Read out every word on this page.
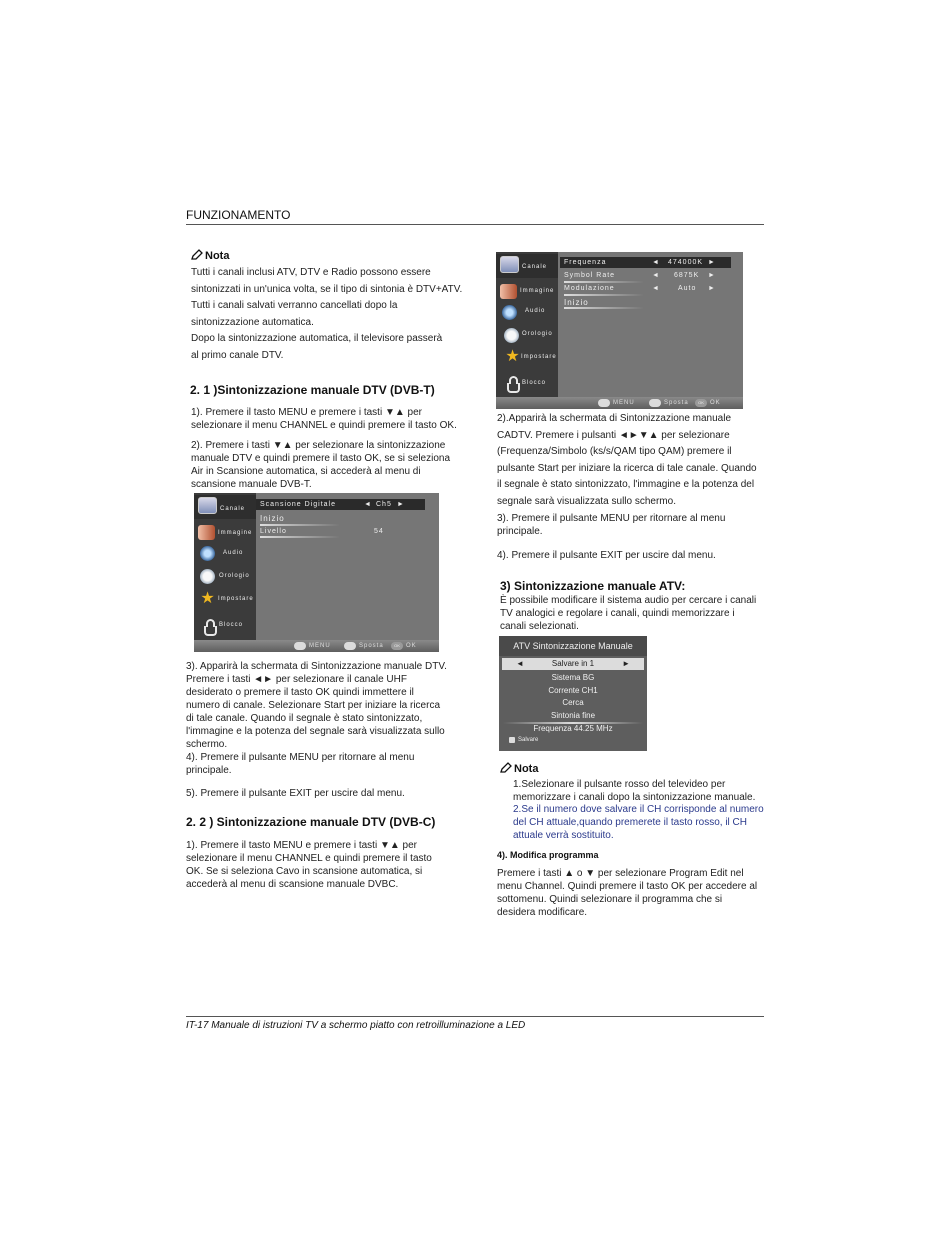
FUNZIONAMENTO
Nota
Tutti i canali inclusi ATV, DTV e Radio possono essere
sintonizzati in un'unica volta, se il tipo di sintonia è DTV+ATV.
Tutti i canali salvati verranno cancellati dopo la
sintonizzazione automatica.
Dopo la sintonizzazione automatica, il televisore passerà
al primo canale DTV.
2. 1 )Sintonizzazione manuale DTV (DVB-T)
1). Premere il tasto MENU e premere i tasti ▼▲ per
selezionare il menu CHANNEL e quindi premere il tasto OK.
2). Premere i tasti ▼▲ per selezionare la sintonizzazione
manuale DTV e quindi premere il tasto OK, se si seleziona
Air in Scansione automatica, si accederà al menu di
scansione manuale DVB-T.
Canale
Immagine
Audio
Orologio
★ Impostare
Blocco
Scansione Digitale	◄ Ch5 ►
Inizio
Livello	54
MENU	Sposta	OK	OK
3). Apparirà la schermata di Sintonizzazione manuale DTV.
Premere i tasti ◄► per selezionare il canale UHF
desiderato o premere il tasto OK quindi immettere il
numero di canale. Selezionare Start per iniziare la ricerca
di tale canale. Quando il segnale è stato sintonizzato,
l'immagine e la potenza del segnale sarà visualizzata sullo
schermo.
4). Premere il pulsante MENU per ritornare al menu
principale.
5). Premere il pulsante EXIT per uscire dal menu.
2. 2 ) Sintonizzazione manuale DTV (DVB-C)
1). Premere il tasto MENU e premere i tasti ▼▲ per
selezionare il menu CHANNEL e quindi premere il tasto
OK. Se si seleziona Cavo in scansione automatica, si
accederà al menu di scansione manuale DVBC.
Canale
Immagine
Audio
Orologio
★ Impostare
Blocco
Frequenza	◄ 474000K ►
Symbol Rate	◄ 6875K ►
Modulazione	◄	Auto ►
Inizio
MENU	Sposta	OK	OK
2).Apparirà la schermata di Sintonizzazione manuale
CADTV. Premere i pulsanti ◄►▼▲ per selezionare
(Frequenza/Simbolo (ks/s/QAM tipo QAM) premere il
pulsante Start per iniziare la ricerca di tale canale. Quando
il segnale è stato sintonizzato, l'immagine e la potenza del
segnale sarà visualizzata sullo schermo.
3). Premere il pulsante MENU per ritornare al menu
principale.
4). Premere il pulsante EXIT per uscire dal menu.
3) Sintonizzazione manuale ATV:
È possibile modificare il sistema audio per cercare i canali
TV analogici e regolare i canali, quindi memorizzare i
canali selezionati.
ATV Sintonizzazione Manuale
◄	Salvare in 1	►
Sistema BG
Corrente CH1
Cerca
Sintonia fine
Frequenza 44.25 MHz
Salvare
Nota
1.Selezionare il pulsante rosso del televideo per
memorizzare i canali dopo la sintonizzazione manuale.
2.Se il numero dove salvare il CH corrisponde al numero
del CH attuale,quando premerete il tasto rosso, il CH
attuale verrà sostituito.
4). Modifica programma
Premere i tasti ▲ o ▼ per selezionare Program Edit nel
menu Channel. Quindi premere il tasto OK per accedere al
sottomenu. Quindi selezionare il programma che si
desidera modificare.
IT-17 Manuale di istruzioni TV a schermo piatto con retroilluminazione a LED
